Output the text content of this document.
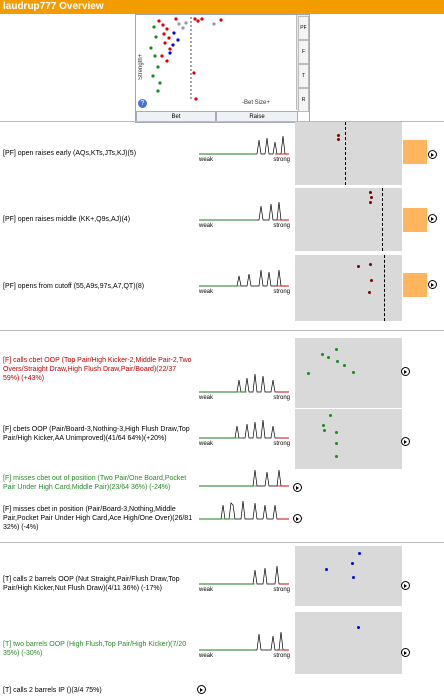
laudrup777 Overview
Strength+
-Bet Size+
?
PF
F
T
R
Bet	Raise
[PF] open raises early (AQs,KTs,JTs,KJ)(5)
weak	strong
[PF] open raises middle (KK+,Q9s,AJ)(4)
weak	strong
[PF] opens from cutoff (55,A9s,97s,A7,QT)(8)
weak	strong
[F] calls cbet OOP (Top Pair/High Kicker-2,Middle Pair-2,Two Overs/Straight Draw,High Flush Draw,Pair/Board)(22/37 59%) (+43%)
weak	strong
[F] cbets OOP (Pair/Board-3,Nothing-3,High Flush Draw,Top Pair/High Kicker,AA Unimproved)(41/64 64%)(+20%)
weak	strong
[F] misses cbet out of position (Two Pair/One Board,Pocket Pair Under High Card,Middle Pair)(23/64 36%) (-24%)
[F] misses cbet in position (Pair/Board-3,Nothing,Middle Pair,Pocket Pair Under High Card,Ace High/One Over)(26/81 32%) (-4%)
[T] calls 2 barrels OOP (Nut Straight,Pair/Flush Draw,Top Pair/High Kicker,Nut Flush Draw)(4/11 36%) (-17%)	weak	strong
[T] two barrels OOP (High Flush,Top Pair/High Kicker)(7/20 35%) (-30%)	weak	strong
[T] calls 2 barrels IP ()(3/4 75%)
